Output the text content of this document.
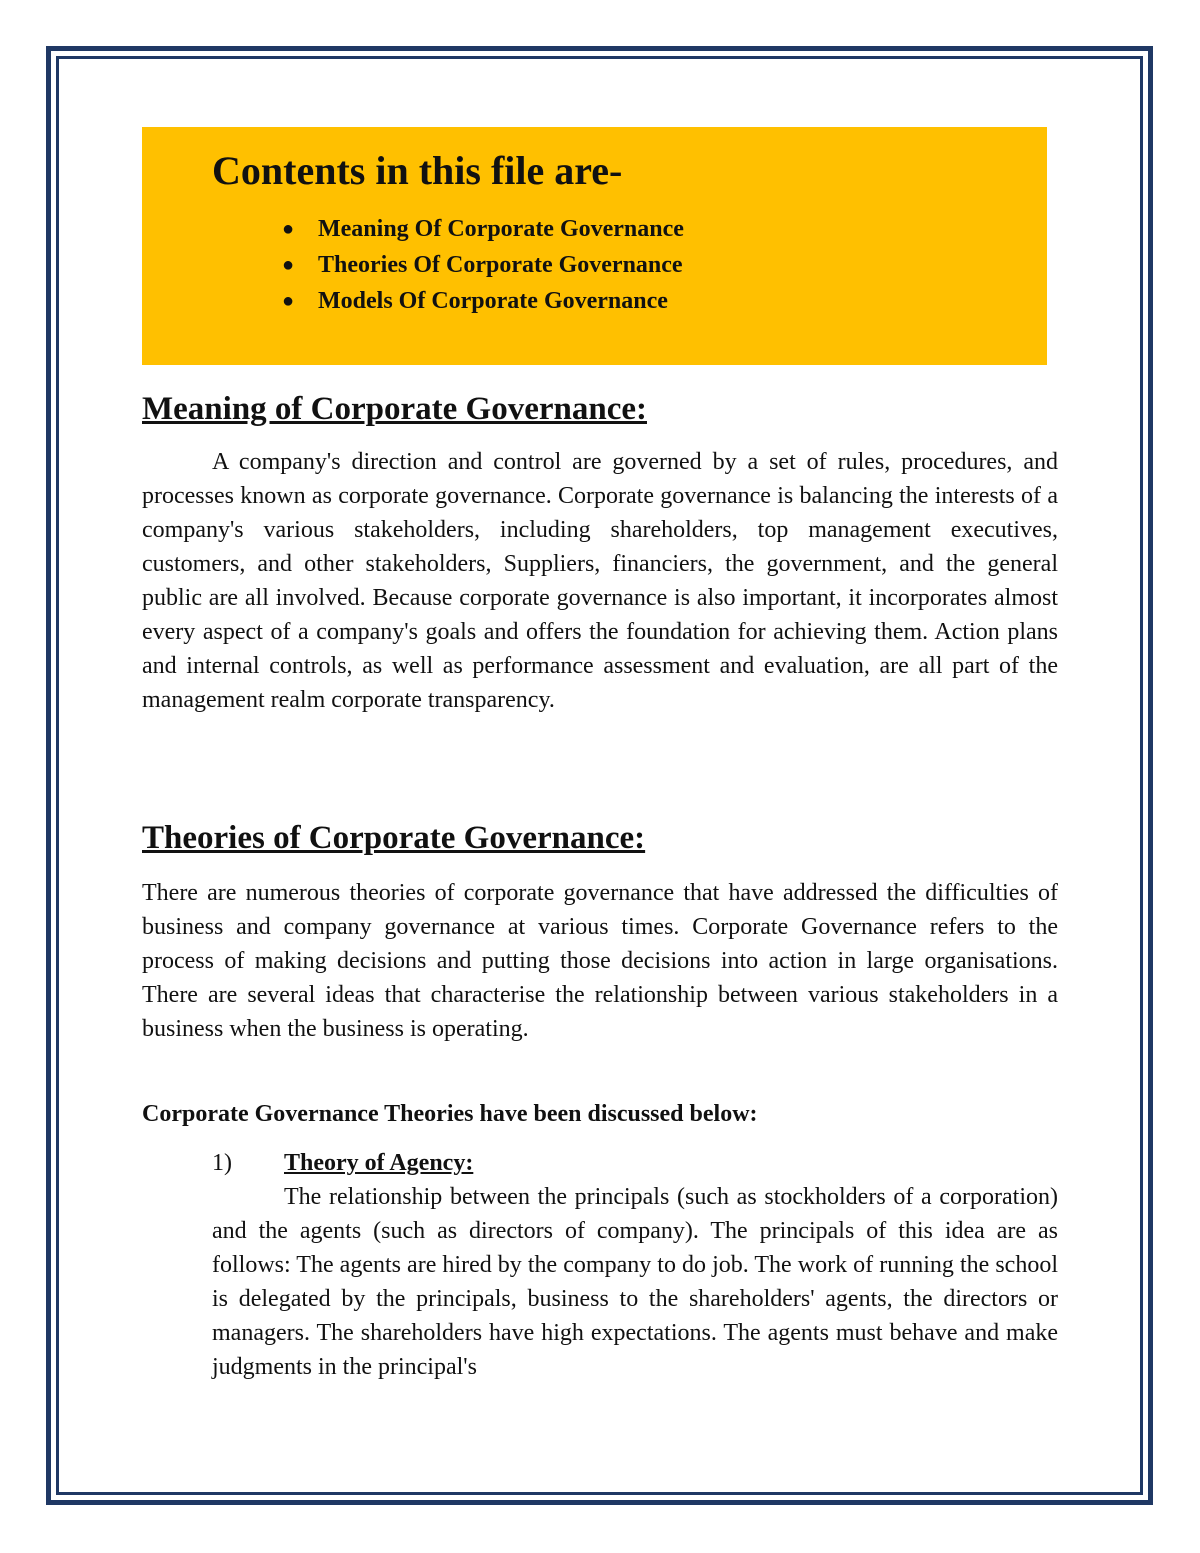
Contents in this file are-
● Meaning Of Corporate Governance
● Theories Of Corporate Governance
● Models Of Corporate Governance
Meaning of Corporate Governance:

A company's direction and control are governed by a set of rules, procedures, and processes known as corporate governance. Corporate governance is balancing the interests of a company's various stakeholders, including shareholders, top management executives, customers, and other stakeholders, Suppliers, financiers, the government, and the general public are all involved. Because corporate governance is also important, it incorporates almost every aspect of a company's goals and offers the foundation for achieving them. Action plans and internal controls, as well as performance assessment and evaluation, are all part of the management realm corporate transparency.

Theories of Corporate Governance:

There are numerous theories of corporate governance that have addressed the difficulties of business and company governance at various times. Corporate Governance refers to the process of making decisions and putting those decisions into action in large organisations. There are several ideas that characterise the relationship between various stakeholders in a business when the business is operating.

Corporate Governance Theories have been discussed below:
1) Theory of Agency:

The relationship between the principals (such as stockholders of a corporation) and the agents (such as directors of company). The principals of this idea are as follows: The agents are hired by the company to do job. The work of running the school is delegated by the principals, business to the shareholders' agents, the directors or managers. The shareholders have high expectations. The agents must behave and make judgments in the principal's
